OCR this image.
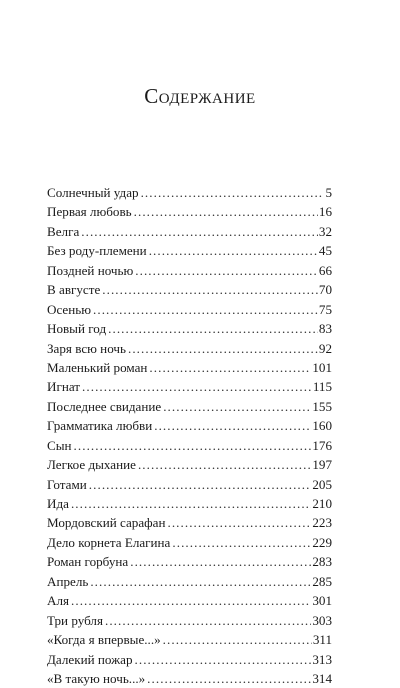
Содержание
Солнечный удар . . .	5
Первая любовь . . .	16
Велга . . .	32
Без роду-племени . . .	45
Поздней ночью . . .	66
В августе . . .	70
Осенью . . .	75
Новый год . . .	83
Заря всю ночь . . .	92
Маленький роман . . .	101
Игнат . . .	115
Последнее свидание . . .	155
Грамматика любви . . .	160
Сын . . .	176
Легкое дыхание . . .	197
Готами . . .	205
Ида . . .	210
Мордовский сарафан . . .	223
Дело корнета Елагина . . .	229
Роман горбуна . . .	283
Апрель . . .	285
Аля . . .	301
Три рубля . . .	303
«Когда я впервые...» . . .	311
Далекий пожар . . .	313
«В такую ночь...» . . .	314
